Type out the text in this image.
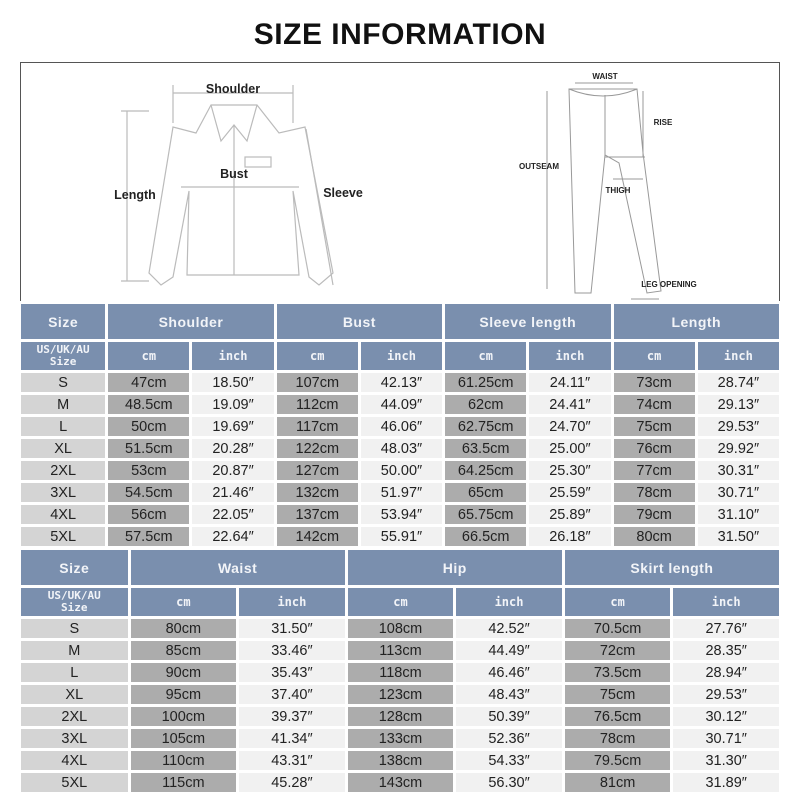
SIZE INFORMATION
Shoulder
Bust
Length	Sleeve
WAIST
RISE
OUTSEAM
THIGH
LEG OPENING
Size	Shoulder		Bust		Sleeve length		Length	
US/UK/AU
Size	cm	inch	cm	inch	cm	inch	cm	inch
S	47cm	18.50″	107cm	42.13″	61.25cm	24.11″	73cm	28.74″
M	48.5cm	19.09″	112cm	44.09″	62cm	24.41″	74cm	29.13″
L	50cm	19.69″	117cm	46.06″	62.75cm	24.70″	75cm	29.53″
XL	51.5cm	20.28″	122cm	48.03″	63.5cm	25.00″	76cm	29.92″
2XL	53cm	20.87″	127cm	50.00″	64.25cm	25.30″	77cm	30.31″
3XL	54.5cm	21.46″	132cm	51.97″	65cm	25.59″	78cm	30.71″
4XL	56cm	22.05″	137cm	53.94″	65.75cm	25.89″	79cm	31.10″
5XL	57.5cm	22.64″	142cm	55.91″	66.5cm	26.18″	80cm	31.50″
Size	Waist		Hip		Skirt length	
US/UK/AU
Size	cm	inch	cm	inch	cm	inch
S	80cm	31.50″	108cm	42.52″	70.5cm	27.76″
M	85cm	33.46″	113cm	44.49″	72cm	28.35″
L	90cm	35.43″	118cm	46.46″	73.5cm	28.94″
XL	95cm	37.40″	123cm	48.43″	75cm	29.53″
2XL	100cm	39.37″	128cm	50.39″	76.5cm	30.12″
3XL	105cm	41.34″	133cm	52.36″	78cm	30.71″
4XL	110cm	43.31″	138cm	54.33″	79.5cm	31.30″
5XL	115cm	45.28″	143cm	56.30″	81cm	31.89″
